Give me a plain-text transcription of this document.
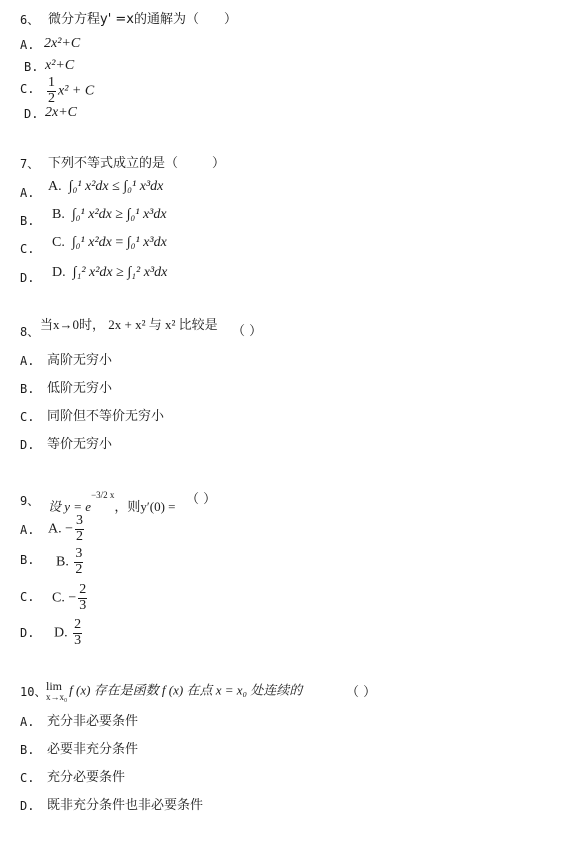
6、 微分方程y' =x的通解为（ ）
A. 2x²+C
B. x²+C
C. $\frac{1}{2} x^2 + C$
D. 2x+C
7、 下列不等式成立的是（	）
A. A. ∫₀¹ x²dx ≤ ∫₀¹ x³dx
B. B. ∫₀¹ x²dx ≥ ∫₀¹ x³dx
C. C. ∫₀¹ x²dx = ∫₀¹ x³dx
D. D. ∫₁² x²dx ≥ ∫₁² x³dx
8、 当x→0时， 2x + x² 与 x² 比较是 （ ）
A. 高阶无穷小
B. 低阶无穷小
C. 同阶但不等价无穷小
D. 等价无穷小
9、 设 $y = e^{-3/2 x}$，则y′(0) = （ ）
A. A. − $\frac{3}{2}$
B. B. $\frac{3}{2}$
C. C. − $\frac{2}{3}$
D. D. $\frac{2}{3}$
10、 lim
x→x₀ f (x) 存在是函数 f (x) 在点 x = x₀ 处连续的	（ ）
A. 充分非必要条件
B. 必要非充分条件
C. 充分必要条件
D. 既非充分条件也非必要条件
